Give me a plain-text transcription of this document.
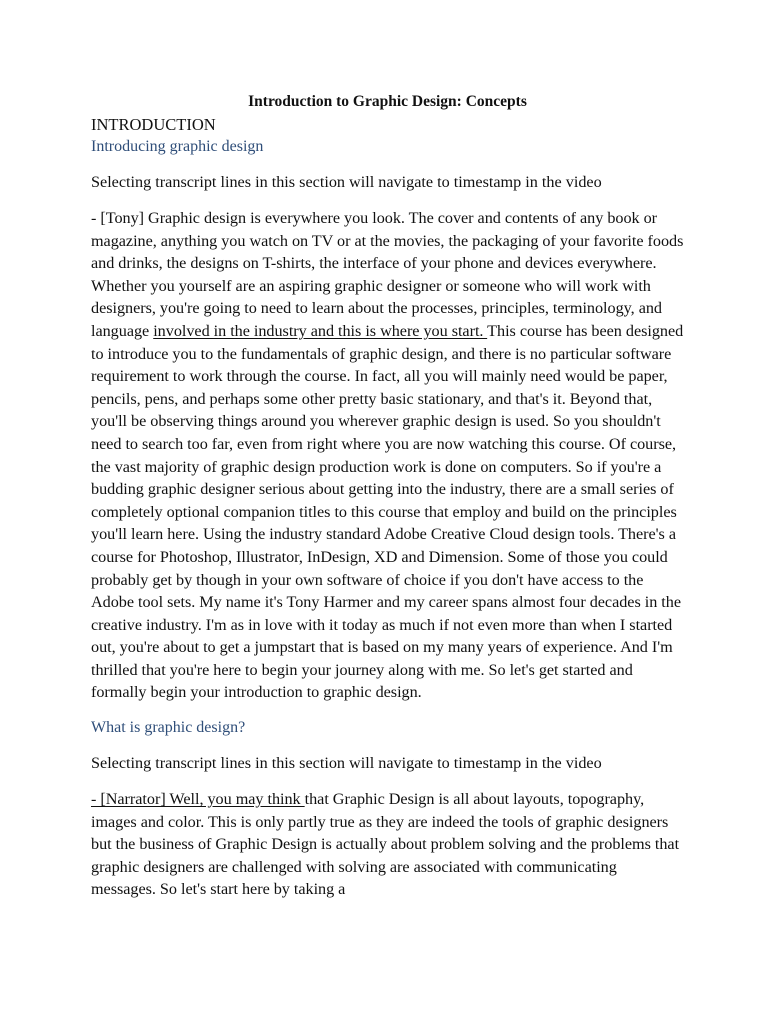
Introduction to Graphic Design: Concepts
INTRODUCTION
Introducing graphic design
Selecting transcript lines in this section will navigate to timestamp in the video

- [Tony] Graphic design is everywhere you look. The cover and contents of any book or magazine, anything you watch on TV or at the movies, the packaging of your favorite foods and drinks, the designs on T-shirts, the interface of your phone and devices everywhere. Whether you yourself are an aspiring graphic designer or someone who will work with designers, you're going to need to learn about the processes, principles, terminology, and language involved in the industry and this is where you start. This course has been designed to introduce you to the fundamentals of graphic design, and there is no particular software requirement to work through the course. In fact, all you will mainly need would be paper, pencils, pens, and perhaps some other pretty basic stationary, and that's it. Beyond that, you'll be observing things around you wherever graphic design is used. So you shouldn't need to search too far, even from right where you are now watching this course. Of course, the vast majority of graphic design production work is done on computers. So if you're a budding graphic designer serious about getting into the industry, there are a small series of completely optional companion titles to this course that employ and build on the principles you'll learn here. Using the industry standard Adobe Creative Cloud design tools. There's a course for Photoshop, Illustrator, InDesign, XD and Dimension. Some of those you could probably get by though in your own software of choice if you don't have access to the Adobe tool sets. My name it's Tony Harmer and my career spans almost four decades in the creative industry. I'm as in love with it today as much if not even more than when I started out, you're about to get a jumpstart that is based on my many years of experience. And I'm thrilled that you're here to begin your journey along with me. So let's get started and formally begin your introduction to graphic design.

What is graphic design?
Selecting transcript lines in this section will navigate to timestamp in the video

- [Narrator] Well, you may think that Graphic Design is all about layouts, topography, images and color. This is only partly true as they are indeed the tools of graphic designers but the business of Graphic Design is actually about problem solving and the problems that graphic designers are challenged with solving are associated with communicating messages. So let's start here by taking a
